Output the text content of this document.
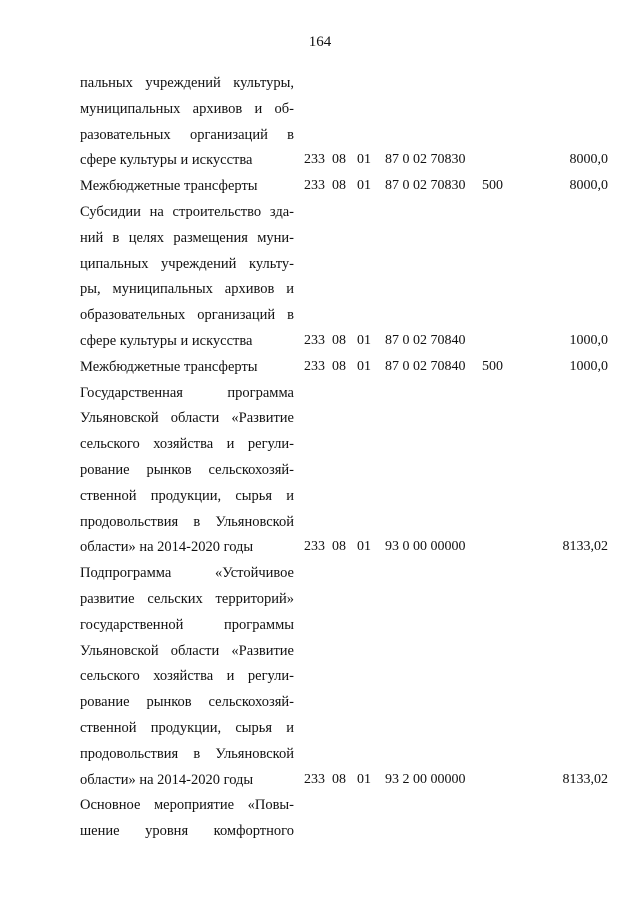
164
пальных учреждений культуры,
муниципальных архивов и об-
разовательных организаций в
сфере культуры и искусства	233 08 01 87 0 02 70830	8000,0
Межбюджетные трансферты	233 08 01 87 0 02 70830 500	8000,0
Субсидии на строительство зда-
ний в целях размещения муни-
ципальных учреждений культу-
ры, муниципальных архивов и
образовательных организаций в
сфере культуры и искусства	233 08 01 87 0 02 70840	1000,0
Межбюджетные трансферты	233 08 01 87 0 02 70840 500	1000,0
Государственная программа
Ульяновской области «Развитие
сельского хозяйства и регули-
рование рынков сельскохозяй-
ственной продукции, сырья и
продовольствия в Ульяновской
области» на 2014-2020 годы	233 08 01 93 0 00 00000	8133,02
Подпрограмма «Устойчивое
развитие сельских территорий»
государственной программы
Ульяновской области «Развитие
сельского хозяйства и регули-
рование рынков сельскохозяй-
ственной продукции, сырья и
продовольствия в Ульяновской
области» на 2014-2020 годы	233 08 01 93 2 00 00000	8133,02
Основное мероприятие «Повы-
шение уровня комфортного
